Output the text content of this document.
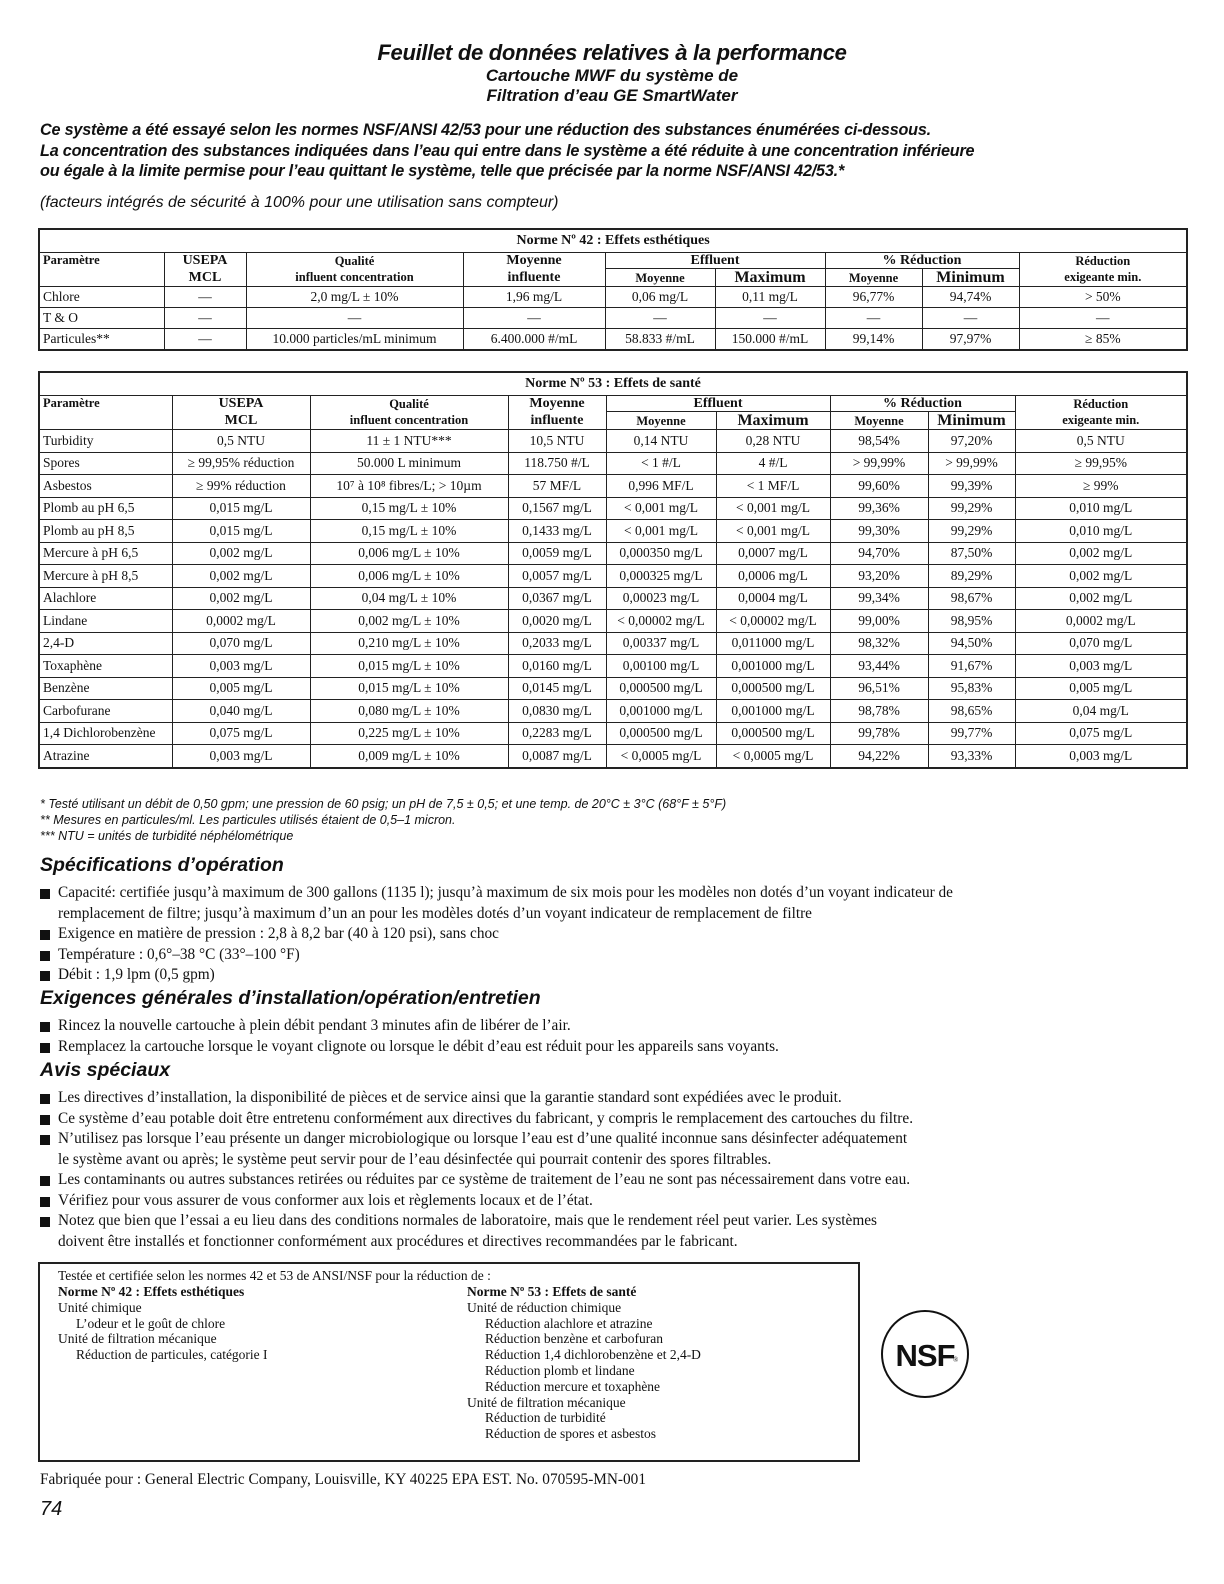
Feuillet de données relatives à la performance
Cartouche MWF du système de
Filtration d’eau GE SmartWater
Ce système a été essayé selon les normes NSF/ANSI 42/53 pour une réduction des substances énumérées ci-dessous.
La concentration des substances indiquées dans l’eau qui entre dans le système a été réduite à une concentration inférieure
ou égale à la limite permise pour l’eau quittant le système, telle que précisée par la norme NSF/ANSI 42/53.*
(facteurs intégrés de sécurité à 100% pour une utilisation sans compteur)
Norme Nº 42 : Effets esthétiques								
Paramètre	USEPA	Qualité	Moyenne	Effluent		% Réduction		Réduction
	MCL	influent concentration	influente	Moyenne	Maximum	Moyenne	Minimum	exigeante min.
Chlore	—	2,0 mg/L ± 10%	1,96 mg/L	0,06 mg/L	0,11 mg/L	96,77%	94,74%	> 50%
T & O	—	—	—	—	—	—	—	—
Particules**	—	10.000 particles/mL minimum	6.400.000 #/mL	58.833 #/mL	150.000 #/mL	99,14%	97,97%	≥ 85%
Norme Nº 53 : Effets de santé								
Paramètre	USEPA	Qualité	Moyenne	Effluent		% Réduction		Réduction
	MCL	influent concentration	influente	Moyenne	Maximum	Moyenne	Minimum	exigeante min.
Turbidity	0,5 NTU	11 ± 1 NTU***	10,5 NTU	0,14 NTU	0,28 NTU	98,54%	97,20%	0,5 NTU
Spores	≥ 99,95% réduction	50.000 L minimum	118.750 #/L	< 1 #/L	4 #/L	> 99,99%	> 99,99%	≥ 99,95%
Asbestos	≥ 99% réduction	10⁷ à 10⁸ fibres/L; > 10µm	57 MF/L	0,996 MF/L	< 1 MF/L	99,60%	99,39%	≥ 99%
Plomb au pH 6,5	0,015 mg/L	0,15 mg/L ± 10%	0,1567 mg/L	< 0,001 mg/L	< 0,001 mg/L	99,36%	99,29%	0,010 mg/L
Plomb au pH 8,5	0,015 mg/L	0,15 mg/L ± 10%	0,1433 mg/L	< 0,001 mg/L	< 0,001 mg/L	99,30%	99,29%	0,010 mg/L
Mercure à pH 6,5	0,002 mg/L	0,006 mg/L ± 10%	0,0059 mg/L	0,000350 mg/L	0,0007 mg/L	94,70%	87,50%	0,002 mg/L
Mercure à pH 8,5	0,002 mg/L	0,006 mg/L ± 10%	0,0057 mg/L	0,000325 mg/L	0,0006 mg/L	93,20%	89,29%	0,002 mg/L
Alachlore	0,002 mg/L	0,04 mg/L ± 10%	0,0367 mg/L	0,00023 mg/L	0,0004 mg/L	99,34%	98,67%	0,002 mg/L
Lindane	0,0002 mg/L	0,002 mg/L ± 10%	0,0020 mg/L	< 0,00002 mg/L	< 0,00002 mg/L	99,00%	98,95%	0,0002 mg/L
2,4-D	0,070 mg/L	0,210 mg/L ± 10%	0,2033 mg/L	0,00337 mg/L	0,011000 mg/L	98,32%	94,50%	0,070 mg/L
Toxaphène	0,003 mg/L	0,015 mg/L ± 10%	0,0160 mg/L	0,00100 mg/L	0,001000 mg/L	93,44%	91,67%	0,003 mg/L
Benzène	0,005 mg/L	0,015 mg/L ± 10%	0,0145 mg/L	0,000500 mg/L	0,000500 mg/L	96,51%	95,83%	0,005 mg/L
Carbofurane	0,040 mg/L	0,080 mg/L ± 10%	0,0830 mg/L	0,001000 mg/L	0,001000 mg/L	98,78%	98,65%	0,04 mg/L
1,4 Dichlorobenzène	0,075 mg/L	0,225 mg/L ± 10%	0,2283 mg/L	0,000500 mg/L	0,000500 mg/L	99,78%	99,77%	0,075 mg/L
Atrazine	0,003 mg/L	0,009 mg/L ± 10%	0,0087 mg/L	< 0,0005 mg/L	< 0,0005 mg/L	94,22%	93,33%	0,003 mg/L
* Testé utilisant un débit de 0,50 gpm; une pression de 60 psig; un pH de 7,5 ± 0,5; et une temp. de 20°C ± 3°C (68°F ± 5°F)
** Mesures en particules/ml. Les particules utilisés étaient de 0,5–1 micron.
*** NTU = unités de turbidité néphélométrique
Spécifications d’opération
Capacité: certifiée jusqu’à maximum de 300 gallons (1135 l); jusqu’à maximum de six mois pour les modèles non dotés d’un voyant indicateur de
remplacement de filtre; jusqu’à maximum d’un an pour les modèles dotés d’un voyant indicateur de remplacement de filtre
Exigence en matière de pression : 2,8 à 8,2 bar (40 à 120 psi), sans choc
Température : 0,6°–38 °C (33°–100 °F)
Débit : 1,9 lpm (0,5 gpm)
Exigences générales d’installation/opération/entretien
Rincez la nouvelle cartouche à plein débit pendant 3 minutes afin de libérer de l’air.
Remplacez la cartouche lorsque le voyant clignote ou lorsque le débit d’eau est réduit pour les appareils sans voyants.
Avis spéciaux
Les directives d’installation, la disponibilité de pièces et de service ainsi que la garantie standard sont expédiées avec le produit.
Ce système d’eau potable doit être entretenu conformément aux directives du fabricant, y compris le remplacement des cartouches du filtre.
N’utilisez pas lorsque l’eau présente un danger microbiologique ou lorsque l’eau est d’une qualité inconnue sans désinfecter adéquatement
le système avant ou après; le système peut servir pour de l’eau désinfectée qui pourrait contenir des spores filtrables.
Les contaminants ou autres substances retirées ou réduites par ce système de traitement de l’eau ne sont pas nécessairement dans votre eau.
Vérifiez pour vous assurer de vous conformer aux lois et règlements locaux et de l’état.
Notez que bien que l’essai a eu lieu dans des conditions normales de laboratoire, mais que le rendement réel peut varier. Les systèmes
doivent être installés et fonctionner conformément aux procédures et directives recommandées par le fabricant.
Testée et certifiée selon les normes 42 et 53 de ANSI/NSF pour la réduction de :
Norme Nº 42 : Effets esthétiques
Unité chimique
L’odeur et le goût de chlore
Unité de filtration mécanique
Réduction de particules, catégorie I
Norme Nº 53 : Effets de santé
Unité de réduction chimique
Réduction alachlore et atrazine
Réduction benzène et carbofuran
Réduction 1,4 dichlorobenzène et 2,4-D
Réduction plomb et lindane
Réduction mercure et toxaphène
Unité de filtration mécanique
Réduction de turbidité
Réduction de spores et asbestos
NSF
®
Fabriquée pour : General Electric Company, Louisville, KY 40225 EPA EST. No. 070595-MN-001
74
